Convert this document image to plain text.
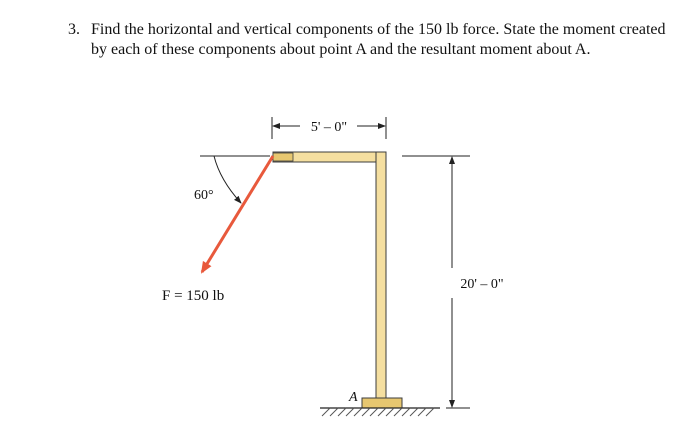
3. Find the horizontal and vertical components of the 150 lb force. State the moment created by each of these components about point A and the resultant moment about A.
5' – 0"
A
20' – 0"
60°
F = 150 lb
